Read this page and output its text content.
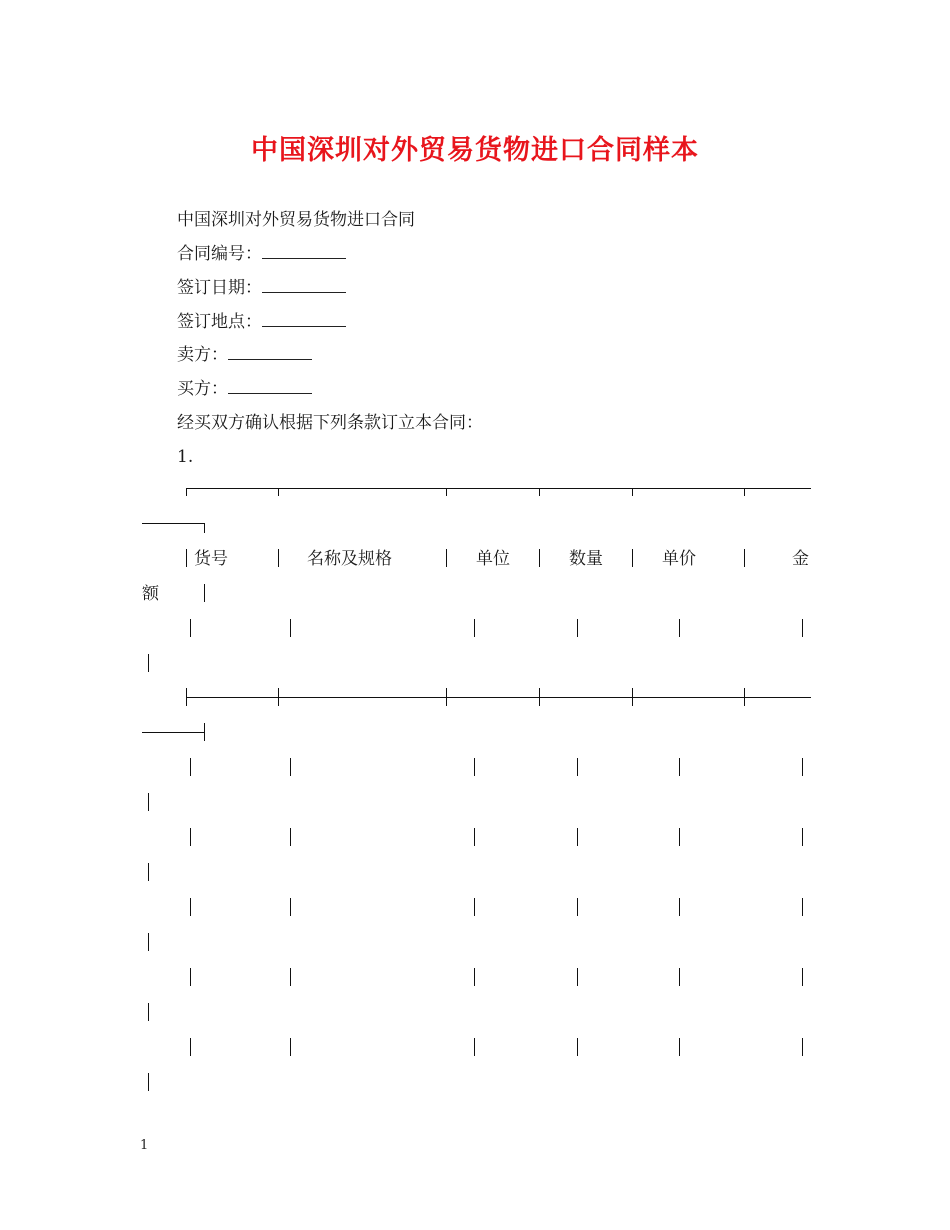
中国深圳对外贸易货物进口合同样本
中国深圳对外贸易货物进口合同
合同编号：
签订日期：
签订地点：
卖方：
买方：
经买双方确认根据下列条款订立本合同：
1.
货号	名称及规格	单位	数量	单价	金
额
1
